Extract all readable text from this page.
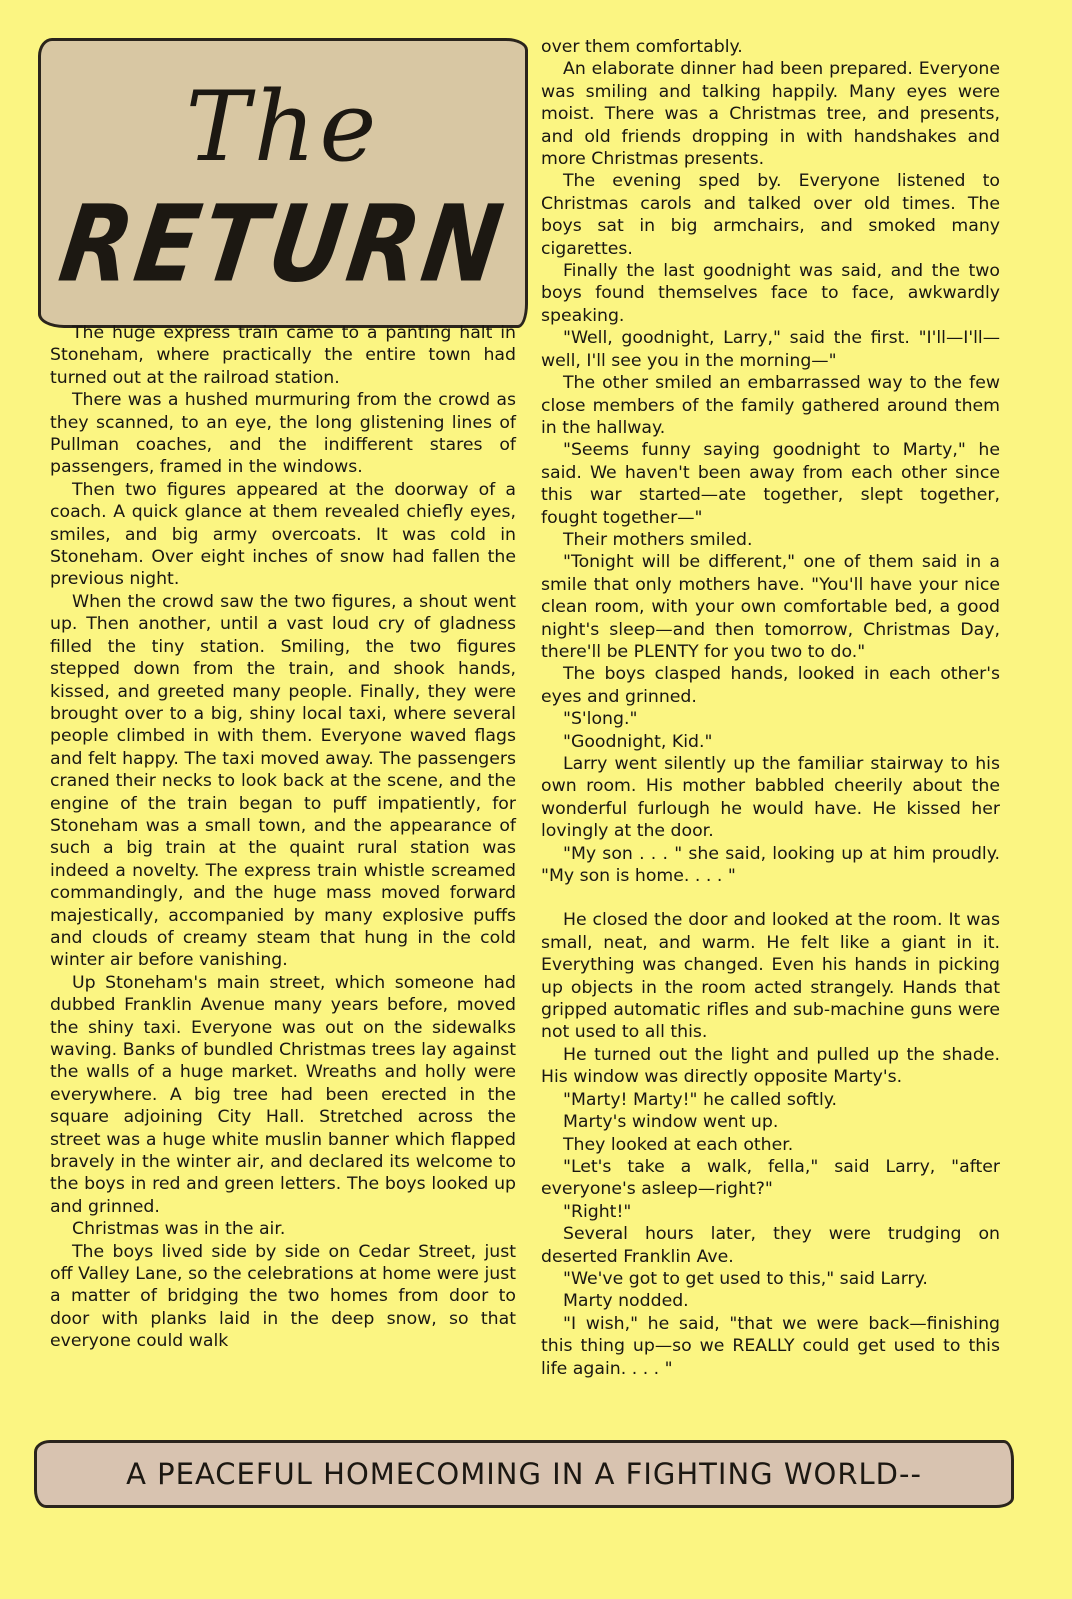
The
RETURN

The huge express train came to a panting halt in Stoneham, where practically the entire town had turned out at the railroad station.

There was a hushed murmuring from the crowd as they scanned, to an eye, the long glistening lines of Pullman coaches, and the indifferent stares of passengers, framed in the windows.

Then two figures appeared at the doorway of a coach. A quick glance at them revealed chiefly eyes, smiles, and big army overcoats. It was cold in Stoneham. Over eight inches of snow had fallen the previous night.

When the crowd saw the two figures, a shout went up. Then another, until a vast loud cry of gladness filled the tiny station. Smiling, the two figures stepped down from the train, and shook hands, kissed, and greeted many people. Finally, they were brought over to a big, shiny local taxi, where several people climbed in with them. Everyone waved flags and felt happy. The taxi moved away. The passengers craned their necks to look back at the scene, and the engine of the train began to puff impatiently, for Stoneham was a small town, and the appearance of such a big train at the quaint rural station was indeed a novelty. The express train whistle screamed commandingly, and the huge mass moved forward majestically, accompanied by many explosive puffs and clouds of creamy steam that hung in the cold winter air before vanishing.

Up Stoneham's main street, which someone had dubbed Franklin Avenue many years before, moved the shiny taxi. Everyone was out on the sidewalks waving. Banks of bundled Christmas trees lay against the walls of a huge market. Wreaths and holly were everywhere. A big tree had been erected in the square adjoining City Hall. Stretched across the street was a huge white muslin banner which flapped bravely in the winter air, and declared its welcome to the boys in red and green letters. The boys looked up and grinned.

Christmas was in the air.

The boys lived side by side on Cedar Street, just off Valley Lane, so the celebrations at home were just a matter of bridging the two homes from door to door with planks laid in the deep snow, so that everyone could walk

over them comfortably.

An elaborate dinner had been prepared. Everyone was smiling and talking happily. Many eyes were moist. There was a Christmas tree, and presents, and old friends dropping in with handshakes and more Christmas presents.

The evening sped by. Everyone listened to Christmas carols and talked over old times. The boys sat in big armchairs, and smoked many cigarettes.

Finally the last goodnight was said, and the two boys found themselves face to face, awkwardly speaking.

"Well, goodnight, Larry," said the first. "I'll—I'll—well, I'll see you in the morning—"

The other smiled an embarrassed way to the few close members of the family gathered around them in the hallway.

"Seems funny saying goodnight to Marty," he said. We haven't been away from each other since this war started—ate together, slept together, fought together—"

Their mothers smiled.

"Tonight will be different," one of them said in a smile that only mothers have. "You'll have your nice clean room, with your own comfortable bed, a good night's sleep—and then tomorrow, Christmas Day, there'll be PLENTY for you two to do."

The boys clasped hands, looked in each other's eyes and grinned.

"S'long."

"Goodnight, Kid."

Larry went silently up the familiar stairway to his own room. His mother babbled cheerily about the wonderful furlough he would have. He kissed her lovingly at the door.

"My son . . . " she said, looking up at him proudly. "My son is home. . . . "

He closed the door and looked at the room. It was small, neat, and warm. He felt like a giant in it. Everything was changed. Even his hands in picking up objects in the room acted strangely. Hands that gripped automatic rifles and sub-machine guns were not used to all this.

He turned out the light and pulled up the shade. His window was directly opposite Marty's.

"Marty! Marty!" he called softly.

Marty's window went up.

They looked at each other.

"Let's take a walk, fella," said Larry, "after everyone's asleep—right?"

"Right!"

Several hours later, they were trudging on deserted Franklin Ave.

"We've got to get used to this," said Larry.

Marty nodded.

"I wish," he said, "that we were back—finishing this thing up—so we REALLY could get used to this life again. . . . "

A PEACEFUL HOMECOMING IN A FIGHTING WORLD--
